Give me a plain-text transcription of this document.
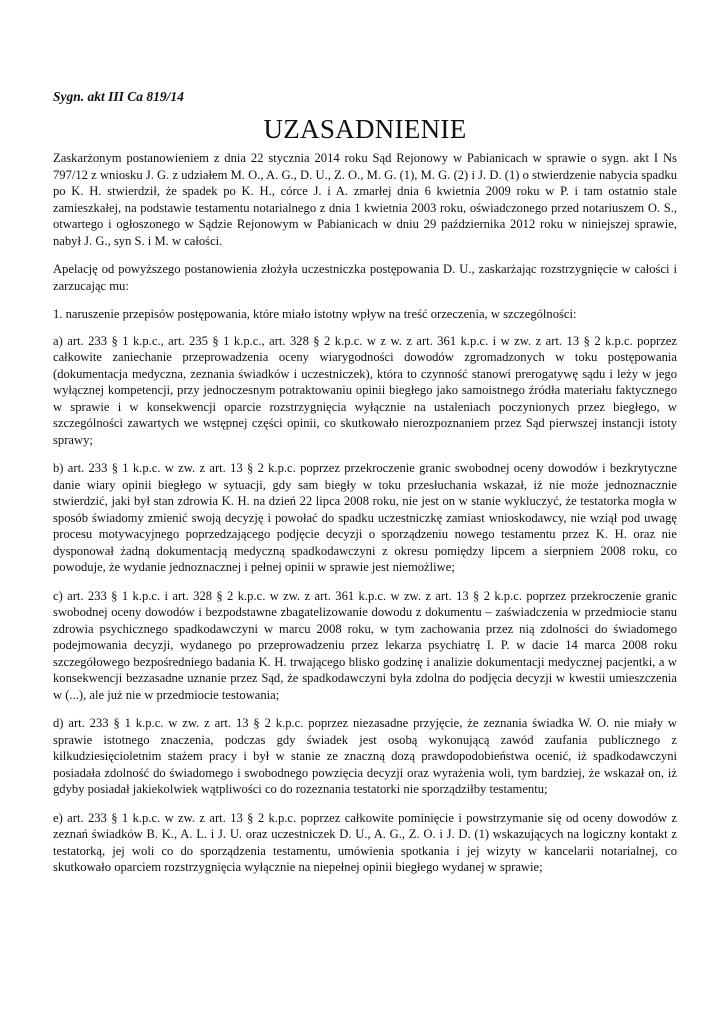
Sygn. akt III Ca 819/14

UZASADNIENIE

Zaskarżonym postanowieniem z dnia 22 stycznia 2014 roku Sąd Rejonowy w Pabianicach w sprawie o sygn. akt I Ns 797/12 z wniosku J. G. z udziałem M. O., A. G., D. U., Z. O., M. G. (1), M. G. (2) i J. D. (1) o stwierdzenie nabycia spadku po K. H. stwierdził, że spadek po K. H., córce J. i A. zmarłej dnia 6 kwietnia 2009 roku w P. i tam ostatnio stale zamieszkałej, na podstawie testamentu notarialnego z dnia 1 kwietnia 2003 roku, oświadczonego przed notariuszem O. S., otwartego i ogłoszonego w Sądzie Rejonowym w Pabianicach w dniu 29 października 2012 roku w niniejszej sprawie, nabył J. G., syn S. i M. w całości.

Apelację od powyższego postanowienia złożyła uczestniczka postępowania D. U., zaskarżając rozstrzygnięcie w całości i zarzucając mu:

1. naruszenie przepisów postępowania, które miało istotny wpływ na treść orzeczenia, w szczególności:

a) art. 233 § 1 k.p.c., art. 235 § 1 k.p.c., art. 328 § 2 k.p.c. w z w. z art. 361 k.p.c. i w zw. z art. 13 § 2 k.p.c. poprzez całkowite zaniechanie przeprowadzenia oceny wiarygodności dowodów zgromadzonych w toku postępowania (dokumentacja medyczna, zeznania świadków i uczestniczek), która to czynność stanowi prerogatywę sądu i leży w jego wyłącznej kompetencji, przy jednoczesnym potraktowaniu opinii biegłego jako samoistnego źródła materiału faktycznego w sprawie i w konsekwencji oparcie rozstrzygnięcia wyłącznie na ustaleniach poczynionych przez biegłego, w szczególności zawartych we wstępnej części opinii, co skutkowało nierozpoznaniem przez Sąd pierwszej instancji istoty sprawy;

b) art. 233 § 1 k.p.c. w zw. z art. 13 § 2 k.p.c. poprzez przekroczenie granic swobodnej oceny dowodów i bezkrytyczne danie wiary opinii biegłego w sytuacji, gdy sam biegły w toku przesłuchania wskazał, iż nie może jednoznacznie stwierdzić, jaki był stan zdrowia K. H. na dzień 22 lipca 2008 roku, nie jest on w stanie wykluczyć, że testatorka mogła w sposób świadomy zmienić swoją decyzję i powołać do spadku uczestniczkę zamiast wnioskodawcy, nie wziął pod uwagę procesu motywacyjnego poprzedzającego podjęcie decyzji o sporządzeniu nowego testamentu przez K. H. oraz nie dysponował żadną dokumentacją medyczną spadkodawczyni z okresu pomiędzy lipcem a sierpniem 2008 roku, co powoduje, że wydanie jednoznacznej i pełnej opinii w sprawie jest niemożliwe;

c) art. 233 § 1 k.p.c. i art. 328 § 2 k.p.c. w zw. z art. 361 k.p.c. w zw. z art. 13 § 2 k.p.c. poprzez przekroczenie granic swobodnej oceny dowodów i bezpodstawne zbagatelizowanie dowodu z dokumentu – zaświadczenia w przedmiocie stanu zdrowia psychicznego spadkodawczyni w marcu 2008 roku, w tym zachowania przez nią zdolności do świadomego podejmowania decyzji, wydanego po przeprowadzeniu przez lekarza psychiatrę I. P. w dacie 14 marca 2008 roku szczegółowego bezpośredniego badania K. H. trwającego blisko godzinę i analizie dokumentacji medycznej pacjentki, a w konsekwencji bezzasadne uznanie przez Sąd, że spadkodawczyni była zdolna do podjęcia decyzji w kwestii umieszczenia w (...), ale już nie w przedmiocie testowania;

d) art. 233 § 1 k.p.c. w zw. z art. 13 § 2 k.p.c. poprzez niezasadne przyjęcie, że zeznania świadka W. O. nie miały w sprawie istotnego znaczenia, podczas gdy świadek jest osobą wykonującą zawód zaufania publicznego z kilkudziesięcioletnim stażem pracy i był w stanie ze znaczną dozą prawdopodobieństwa ocenić, iż spadkodawczyni posiadała zdolność do świadomego i swobodnego powzięcia decyzji oraz wyrażenia woli, tym bardziej, że wskazał on, iż gdyby posiadał jakiekolwiek wątpliwości co do rozeznania testatorki nie sporządziłby testamentu;

e) art. 233 § 1 k.p.c. w zw. z art. 13 § 2 k.p.c. poprzez całkowite pominięcie i powstrzymanie się od oceny dowodów z zeznań świadków B. K., A. L. i J. U. oraz uczestniczek D. U., A. G., Z. O. i J. D. (1) wskazujących na logiczny kontakt z testatorką, jej woli co do sporządzenia testamentu, umówienia spotkania i jej wizyty w kancelarii notarialnej, co skutkowało oparciem rozstrzygnięcia wyłącznie na niepełnej opinii biegłego wydanej w sprawie;
